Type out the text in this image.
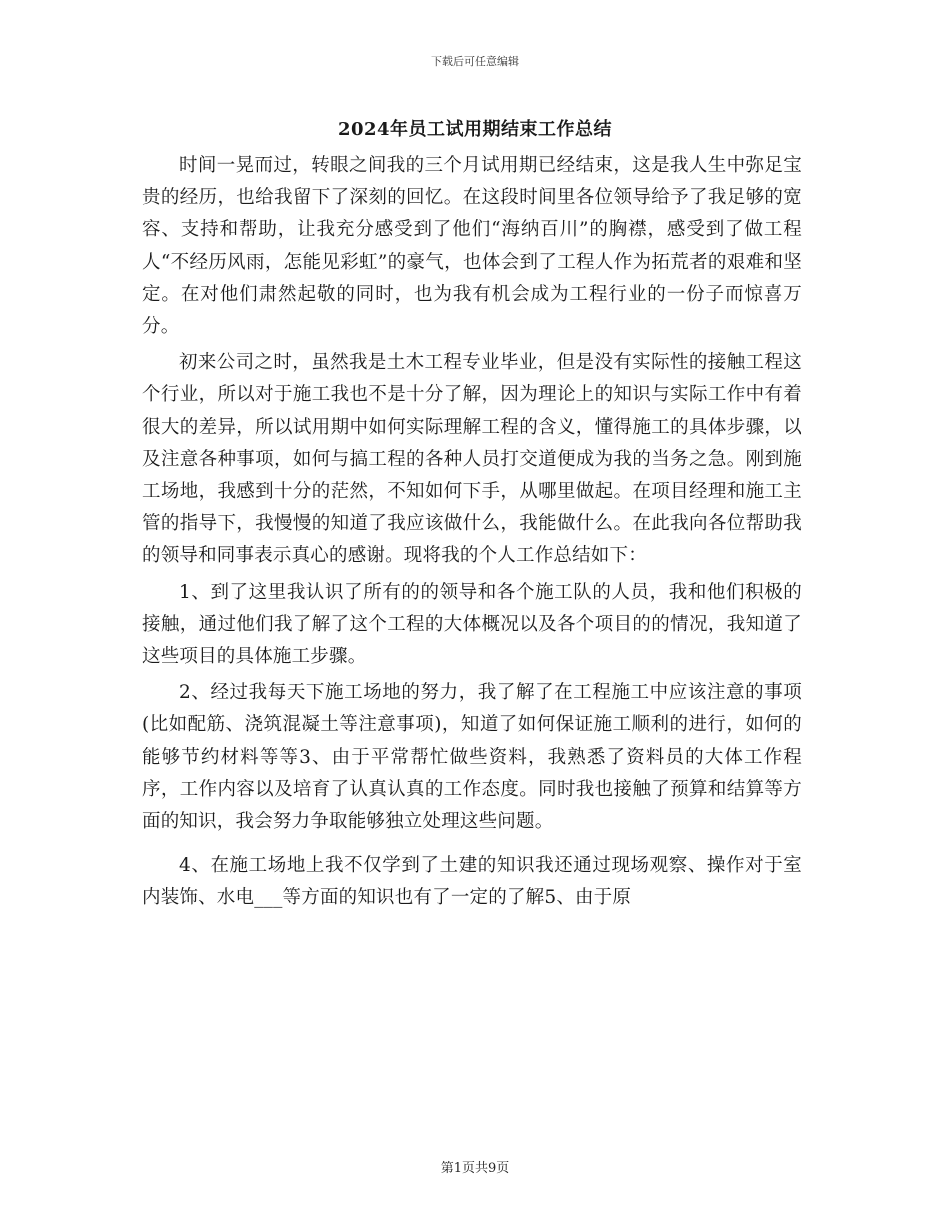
下载后可任意编辑
2024年员工试用期结束工作总结

时间一晃而过，转眼之间我的三个月试用期已经结束，这是我人生中弥足宝贵的经历，也给我留下了深刻的回忆。在这段时间里各位领导给予了我足够的宽容、支持和帮助，让我充分感受到了他们“海纳百川”的胸襟，感受到了做工程人“不经历风雨，怎能见彩虹”的豪气，也体会到了工程人作为拓荒者的艰难和坚定。在对他们肃然起敬的同时，也为我有机会成为工程行业的一份子而惊喜万分。

初来公司之时，虽然我是土木工程专业毕业，但是没有实际性的接触工程这个行业，所以对于施工我也不是十分了解，因为理论上的知识与实际工作中有着很大的差异，所以试用期中如何实际理解工程的含义，懂得施工的具体步骤，以及注意各种事项，如何与搞工程的各种人员打交道便成为我的当务之急。刚到施工场地，我感到十分的茫然，不知如何下手，从哪里做起。在项目经理和施工主管的指导下，我慢慢的知道了我应该做什么，我能做什么。在此我向各位帮助我的领导和同事表示真心的感谢。现将我的个人工作总结如下：

1、到了这里我认识了所有的的领导和各个施工队的人员，我和他们积极的接触，通过他们我了解了这个工程的大体概况以及各个项目的的情况，我知道了这些项目的具体施工步骤。

2、经过我每天下施工场地的努力，我了解了在工程施工中应该注意的事项(比如配筋、浇筑混凝土等注意事项)，知道了如何保证施工顺利的进行，如何的能够节约材料等等3、由于平常帮忙做些资料，我熟悉了资料员的大体工作程序，工作内容以及培育了认真认真的工作态度。同时我也接触了预算和结算等方面的知识，我会努力争取能够独立处理这些问题。

4、在施工场地上我不仅学到了土建的知识我还通过现场观察、操作对于室内装饰、水电___等方面的知识也有了一定的了解5、由于原

第1页共9页
